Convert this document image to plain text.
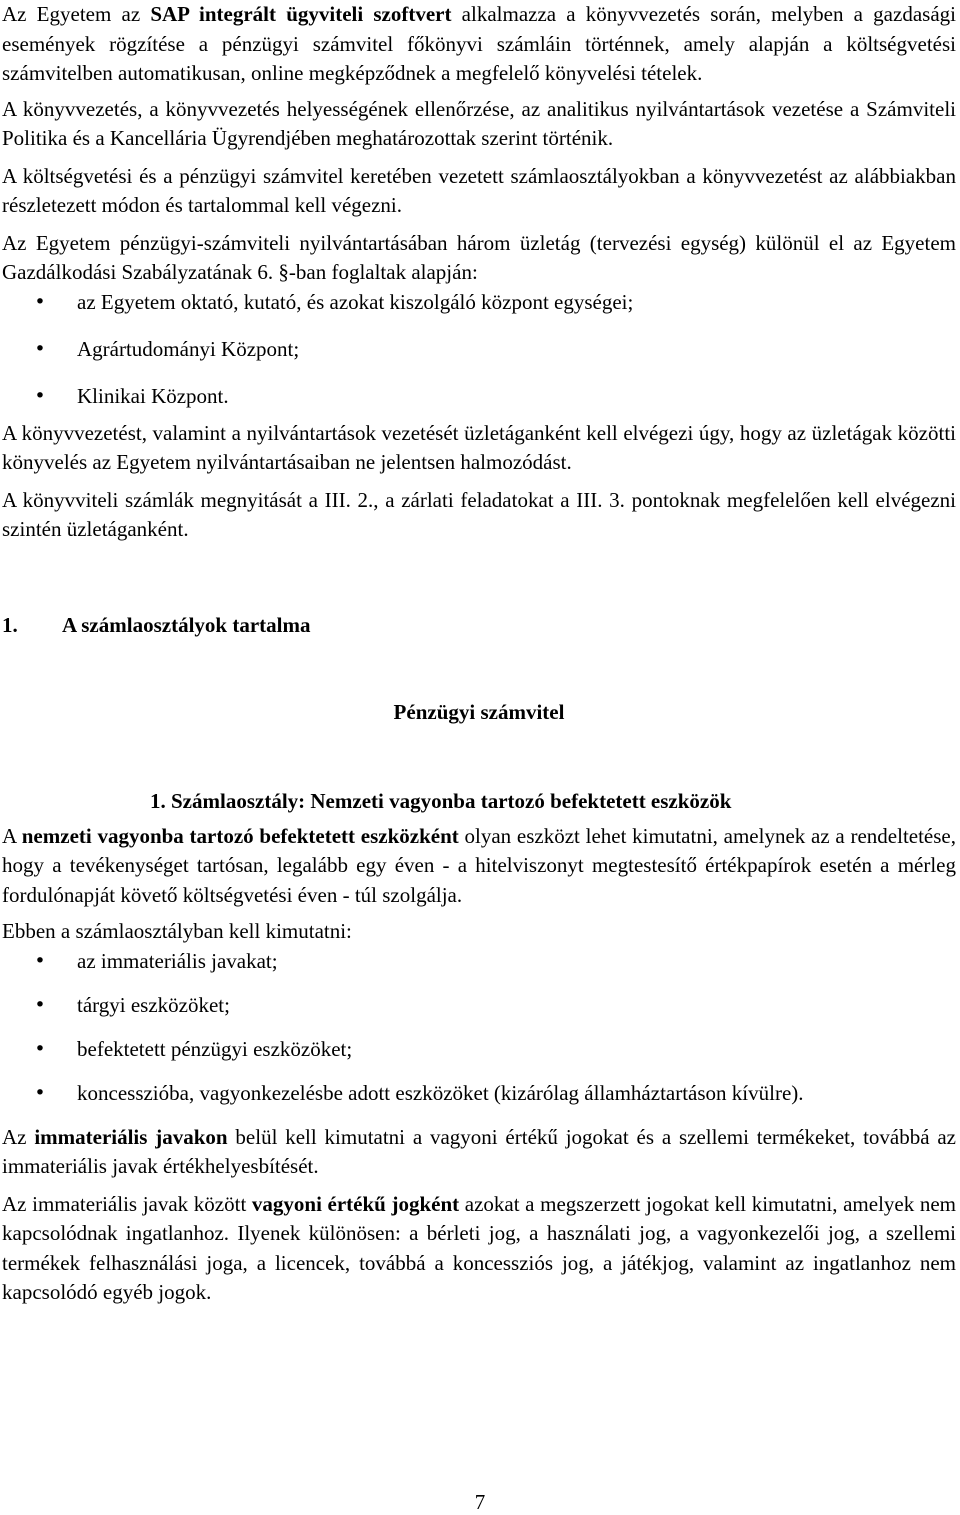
Az Egyetem az SAP integrált ügyviteli szoftvert alkalmazza a könyvvezetés során, melyben a gazdasági események rögzítése a pénzügyi számvitel főkönyvi számláin történnek, amely alapján a költségvetési számvitelben automatikusan, online megképződnek a megfelelő könyvelési tételek.

A könyvvezetés, a könyvvezetés helyességének ellenőrzése, az analitikus nyilvántartások vezetése a Számviteli Politika és a Kancellária Ügyrendjében meghatározottak szerint történik.

A költségvetési és a pénzügyi számvitel keretében vezetett számlaosztályokban a könyvvezetést az alábbiakban részletezett módon és tartalommal kell végezni.

Az Egyetem pénzügyi-számviteli nyilvántartásában három üzletág (tervezési egység) különül el az Egyetem Gazdálkodási Szabályzatának 6. §-ban foglaltak alapján:

• az Egyetem oktató, kutató, és azokat kiszolgáló központ egységei;
• Agrártudományi Központ;
• Klinikai Központ.

A könyvvezetést, valamint a nyilvántartások vezetését üzletáganként kell elvégezi úgy, hogy az üzletágak közötti könyvelés az Egyetem nyilvántartásaiban ne jelentsen halmozódást.

A könyvviteli számlák megnyitását a III. 2., a zárlati feladatokat a III. 3. pontoknak megfelelően kell elvégezni szintén üzletáganként.

1. A számlaosztályok tartalma
Pénzügyi számvitel
1. Számlaosztály: Nemzeti vagyonba tartozó befektetett eszközök

A nemzeti vagyonba tartozó befektetett eszközként olyan eszközt lehet kimutatni, amelynek az a rendeltetése, hogy a tevékenységet tartósan, legalább egy éven - a hitelviszonyt megtestesítő értékpapírok esetén a mérleg fordulónapját követő költségvetési éven - túl szolgálja.

Ebben a számlaosztályban kell kimutatni:

• az immateriális javakat;
• tárgyi eszközöket;
• befektetett pénzügyi eszközöket;
• koncesszióba, vagyonkezelésbe adott eszközöket (kizárólag államháztartáson kívülre).

Az immateriális javakon belül kell kimutatni a vagyoni értékű jogokat és a szellemi termékeket, továbbá az immateriális javak értékhelyesbítését.

Az immateriális javak között vagyoni értékű jogként azokat a megszerzett jogokat kell kimutatni, amelyek nem kapcsolódnak ingatlanhoz. Ilyenek különösen: a bérleti jog, a használati jog, a vagyonkezelői jog, a szellemi termékek felhasználási joga, a licencek, továbbá a koncessziós jog, a játékjog, valamint az ingatlanhoz nem kapcsolódó egyéb jogok.

7
